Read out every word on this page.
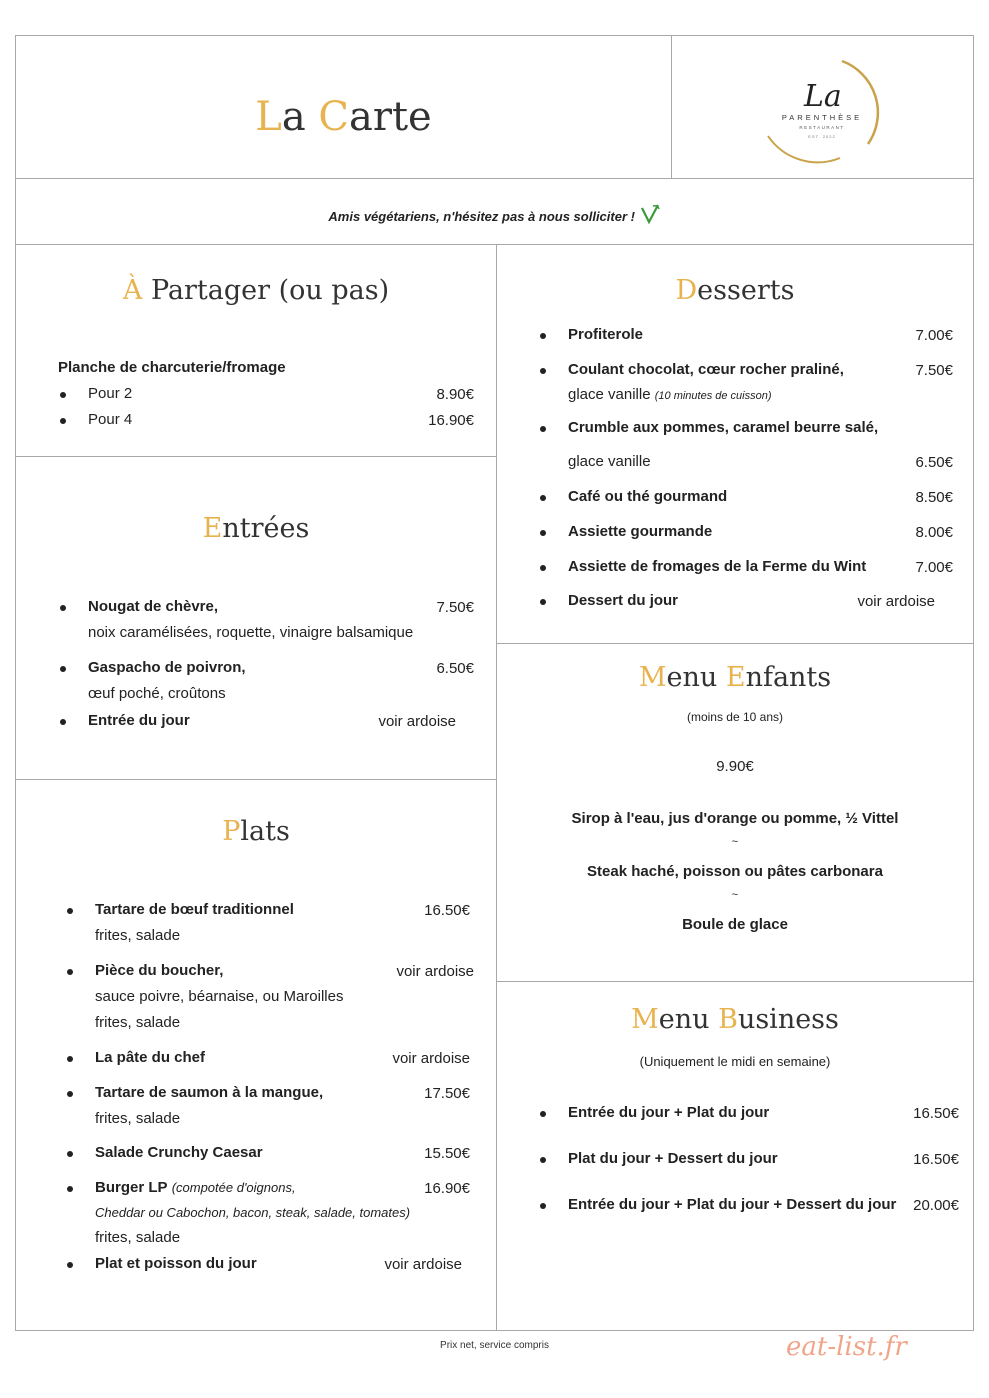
La Carte	La
PARENTHÈSE
RESTAURANT
EST. 2022
Amis végétariens, n'hésitez pas à nous solliciter !
À Partager (ou pas)
Planche de charcuterie/fromage
Pour 2	8.90€
Pour 4	16.90€
Entrées
Nougat de chèvre,	7.50€
noix caramélisées, roquette, vinaigre balsamique
Gaspacho de poivron,	6.50€
œuf poché, croûtons
Entrée du jour	voir ardoise
Plats
Tartare de bœuf traditionnel	16.50€
frites, salade
Pièce du boucher,	voir ardoise
sauce poivre, béarnaise, ou Maroilles
frites, salade
La pâte du chef	voir ardoise
Tartare de saumon à la mangue,	17.50€
frites, salade
Salade Crunchy Caesar	15.50€
Burger LP (compotée d'oignons,	16.90€
Cheddar ou Cabochon, bacon, steak, salade, tomates)
frites, salade
Plat et poisson du jour	voir ardoise
Desserts
Profiterole	7.00€
Coulant chocolat, cœur rocher praliné,	7.50€
glace vanille (10 minutes de cuisson)
Crumble aux pommes, caramel beurre salé,
glace vanille	6.50€
Café ou thé gourmand	8.50€
Assiette gourmande	8.00€
Assiette de fromages de la Ferme du Wint	7.00€
Dessert du jour	voir ardoise
Menu Enfants
(moins de 10 ans)
9.90€
Sirop à l'eau, jus d'orange ou pomme, ½ Vittel
~
Steak haché, poisson ou pâtes carbonara
~
Boule de glace
Menu Business
(Uniquement le midi en semaine)
Entrée du jour + Plat du jour	16.50€
Plat du jour + Dessert du jour	16.50€
Entrée du jour + Plat du jour + Dessert du jour 20.00€
Prix net, service compris	eat-list.fr
